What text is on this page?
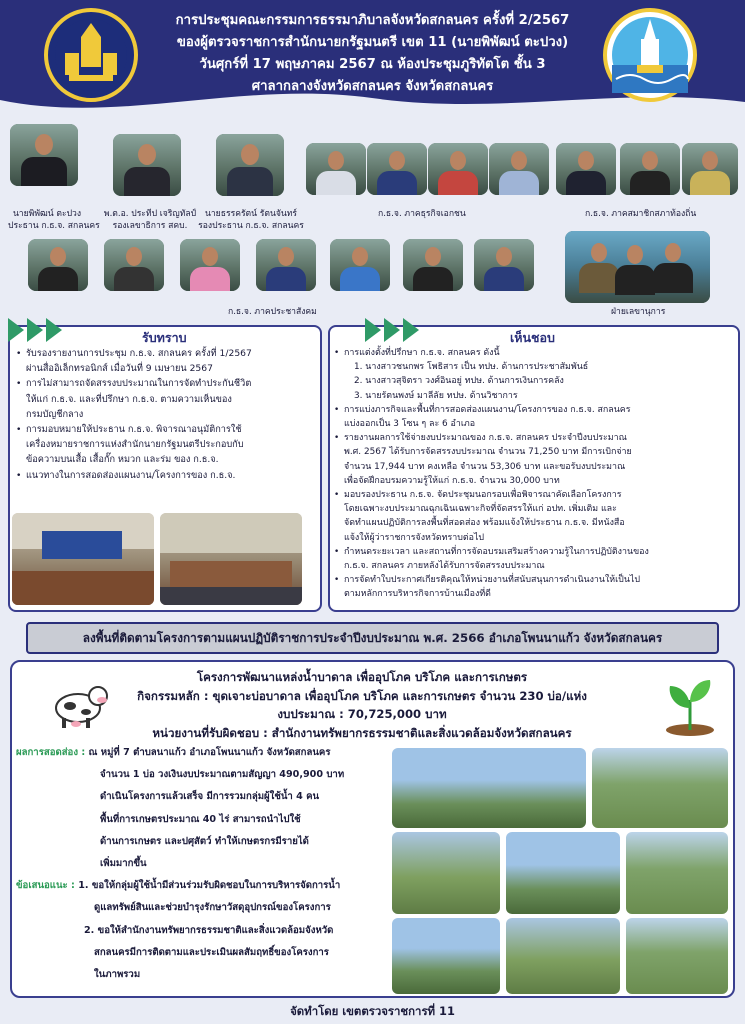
การประชุมคณะกรรมการธรรมาภิบาลจังหวัดสกลนคร ครั้งที่ 2/2567
ของผู้ตรวจราชการสำนักนายกรัฐมนตรี เขต 11 (นายพิพัฒน์ ตะปวง)
วันศุกร์ที่ 17 พฤษภาคม 2567 ณ ห้องประชุมภูริทัตโต ชั้น 3
ศาลากลางจังหวัดสกลนคร จังหวัดสกลนคร
นายพิพัฒน์ ตะปวง
ประธาน ก.ธ.จ. สกลนคร
พ.ต.อ. ประทีป เจริญทัลป์
รองเลขาธิการ สคบ.
นายธรรครัตน์ รัตนจันทร์
รองประธาน ก.ธ.จ. สกลนคร
ก.ธ.จ. ภาคธุรกิจเอกชน	ก.ธ.จ. ภาคสมาชิกสภาท้องถิ่น
ก.ธ.จ. ภาคประชาสังคม	ฝ่ายเลขานุการ
รับทราบ
• รับรองรายงานการประชุม ก.ธ.จ. สกลนคร ครั้งที่ 1/2567
ผ่านสื่ออิเล็กทรอนิกส์ เมื่อวันที่ 9 เมษายน 2567
• การไม่สามารถจัดสรรงบประมาณในการจัดทำประกันชีวิต
ให้แก่ ก.ธ.จ. และที่ปรึกษา ก.ธ.จ. ตามความเห็นของ
กรมบัญชีกลาง
• การมอบหมายให้ประธาน ก.ธ.จ. พิจารณาอนุมัติการใช้
เครื่องหมายราชการแห่งสำนักนายกรัฐมนตรีประกอบกับ
ข้อความบนเสื้อ เสื้อกั๊ก หมวก และร่ม ของ ก.ธ.จ.
• แนวทางในการสอดส่องแผนงาน/โครงการของ ก.ธ.จ.
เห็นชอบ
• การแต่งตั้งที่ปรึกษา ก.ธ.จ. สกลนคร ดังนี้
1. นางสาวชนกพร โพธิสาร เป็น ทปษ. ด้านการประชาสัมพันธ์
2. นางสาวสุจิตรา วงศ์อินอยู่ ทปษ. ด้านการเงินการคลัง
3. นายรัตนพงษ์ มาลีลัย ทปษ. ด้านวิชาการ
• การแบ่งภารกิจและพื้นที่การสอดส่องแผนงาน/โครงการของ ก.ธ.จ. สกลนคร
แบ่งออกเป็น 3 โซน ๆ ละ 6 อำเภอ
• รายงานผลการใช้จ่ายงบประมาณของ ก.ธ.จ. สกลนคร ประจำปีงบประมาณ
พ.ศ. 2567 ได้รับการจัดสรรงบประมาณ จำนวน 71,250 บาท มีการเบิกจ่าย
จำนวน 17,944 บาท คงเหลือ จำนวน 53,306 บาท และขอรับงบประมาณ
เพื่อจัดฝึกอบรมความรู้ให้แก่ ก.ธ.จ. จำนวน 30,000 บาท
• มอบรองประธาน ก.ธ.จ. จัดประชุมนอกรอบเพื่อพิจารณาคัดเลือกโครงการ
โดยเฉพาะงบประมาณฉุกเฉินเฉพาะกิจที่จัดสรรให้แก่ อปท. เพิ่มเติม และ
จัดทำแผนปฏิบัติการลงพื้นที่สอดส่อง พร้อมแจ้งให้ประธาน ก.ธ.จ. มีหนังสือ
แจ้งให้ผู้ว่าราชการจังหวัดทราบต่อไป
• กำหนดระยะเวลา และสถานที่การจัดอบรมเสริมสร้างความรู้ในการปฏิบัติงานของ
ก.ธ.จ. สกลนคร ภายหลังได้รับการจัดสรรงบประมาณ
• การจัดทำใบประกาศเกียรติคุณให้หน่วยงานที่สนับสนุนการดำเนินงานให้เป็นไป
ตามหลักการบริหารกิจการบ้านเมืองที่ดี
ลงพื้นที่ติดตามโครงการตามแผนปฏิบัติราชการประจำปีงบประมาณ พ.ศ. 2566 อำเภอโพนนาแก้ว จังหวัดสกลนคร
โครงการพัฒนาแหล่งน้ำบาดาล เพื่ออุปโภค บริโภค และการเกษตร
กิจกรรมหลัก : ขุดเจาะบ่อบาดาล เพื่ออุปโภค บริโภค และการเกษตร จำนวน 230 บ่อ/แห่ง
งบประมาณ : 70,725,000 บาท
หน่วยงานที่รับผิดชอบ : สำนักงานทรัพยากรธรรมชาติและสิ่งแวดล้อมจังหวัดสกลนคร
ผลการสอดส่อง : ณ หมู่ที่ 7 ตำบลนาแก้ว อำเภอโพนนาแก้ว จังหวัดสกลนคร
จำนวน 1 บ่อ วงเงินงบประมาณตามสัญญา 490,900 บาท
ดำเนินโครงการแล้วเสร็จ มีการรวมกลุ่มผู้ใช้น้ำ 4 คน
พื้นที่การเกษตรประมาณ 40 ไร่ สามารถนำไปใช้
ด้านการเกษตร และปศุสัตว์ ทำให้เกษตรกรมีรายได้
เพิ่มมากขึ้น
ข้อเสนอแนะ : 1. ขอให้กลุ่มผู้ใช้น้ำมีส่วนร่วมรับผิดชอบในการบริหารจัดการน้ำ
ดูแลทรัพย์สินและช่วยบำรุงรักษาวัสดุอุปกรณ์ของโครงการ
2. ขอให้สำนักงานทรัพยากรธรรมชาติและสิ่งแวดล้อมจังหวัด
สกลนครมีการติดตามและประเมินผลสัมฤทธิ์ของโครงการ
ในภาพรวม
จัดทำโดย เขตตรวจราชการที่ 11
